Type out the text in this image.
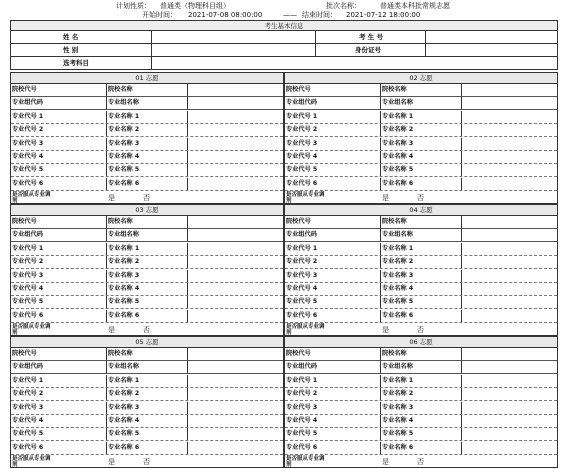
计划性质： 普通类（物理科目组）	批次名称：	普通类本科批常规志愿
开始时间： 2021-07-08 08:00:00	—— 结束时间： 2021-07-12 18:00:00
考生基本信息
姓 名	考 生 号
性 别	身份证号
选考科目
01 志愿
院校代号	院校名称
专业组代码	专业组名称
专业代号 1	专业名称 1
专业代号 2	专业名称 2
专业代号 3	专业名称 3
专业代号 4	专业名称 4
专业代号 5	专业名称 5
专业代号 6	专业名称 6
是否服从专业调剂	是	否
02 志愿
院校代号	院校名称
专业组代码	专业组名称
专业代号 1	专业名称 1
专业代号 2	专业名称 2
专业代号 3	专业名称 3
专业代号 4	专业名称 4
专业代号 5	专业名称 5
专业代号 6	专业名称 6
是否服从专业调剂	是	否
03 志愿
院校代号	院校名称
专业组代码	专业组名称
专业代号 1	专业名称 1
专业代号 2	专业名称 2
专业代号 3	专业名称 3
专业代号 4	专业名称 4
专业代号 5	专业名称 5
专业代号 6	专业名称 6
是否服从专业调剂	是	否
04 志愿
院校代号	院校名称
专业组代码	专业组名称
专业代号 1	专业名称 1
专业代号 2	专业名称 2
专业代号 3	专业名称 3
专业代号 4	专业名称 4
专业代号 5	专业名称 5
专业代号 6	专业名称 6
是否服从专业调剂	是	否
05 志愿
院校代号	院校名称
专业组代码	专业组名称
专业代号 1	专业名称 1
专业代号 2	专业名称 2
专业代号 3	专业名称 3
专业代号 4	专业名称 4
专业代号 5	专业名称 5
专业代号 6	专业名称 6
是否服从专业调剂	是	否
06 志愿
院校代号	院校名称
专业组代码	专业组名称
专业代号 1	专业名称 1
专业代号 2	专业名称 2
专业代号 3	专业名称 3
专业代号 4	专业名称 4
专业代号 5	专业名称 5
专业代号 6	专业名称 6
是否服从专业调剂	是	否
